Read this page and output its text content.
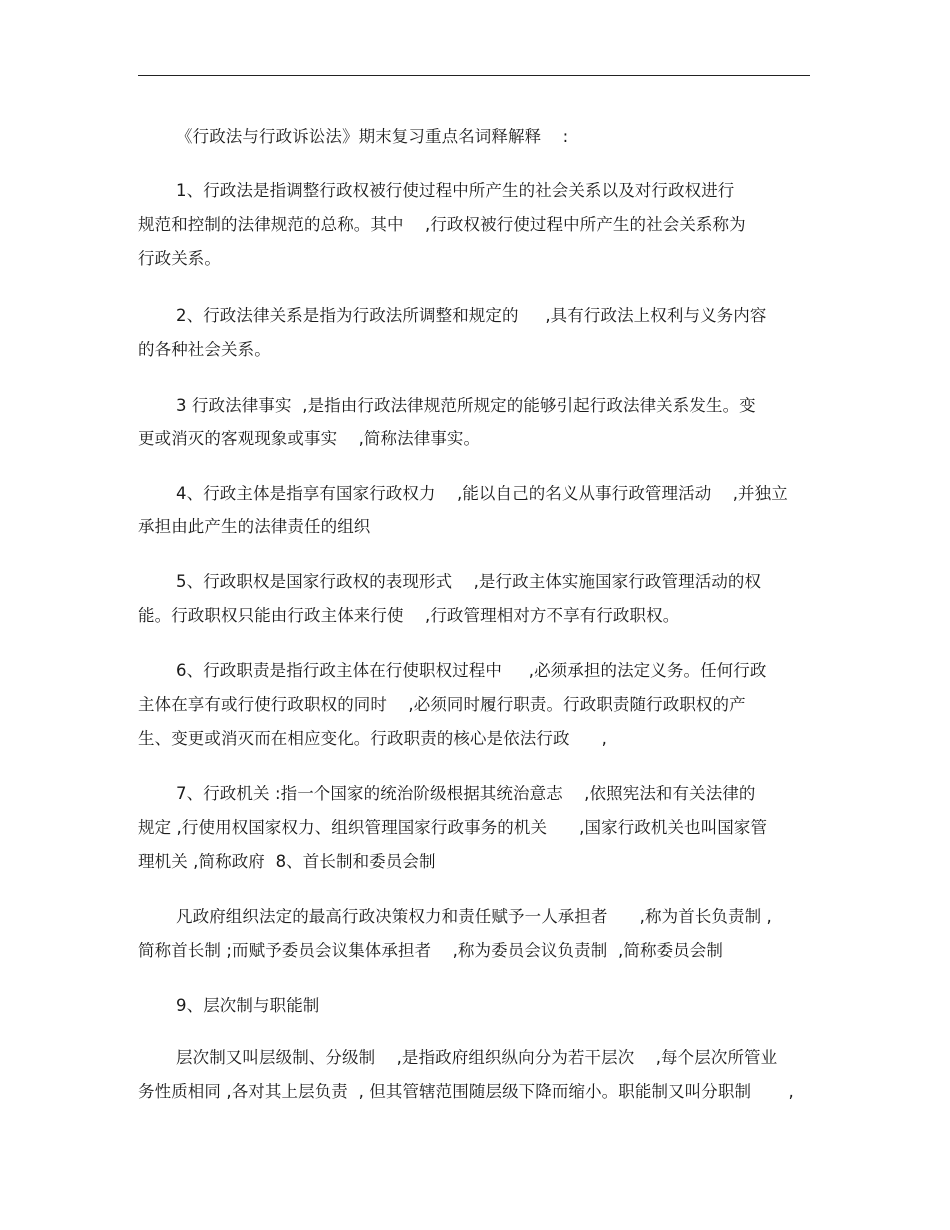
《行政法与行政诉讼法》期末复习重点名词释解释    :
1、行政法是指调整行政权被行使过程中所产生的社会关系以及对行政权进行
规范和控制的法律规范的总称。其中    ,行政权被行使过程中所产生的社会关系称为
行政关系。
2、行政法律关系是指为行政法所调整和规定的     ,具有行政法上权利与义务内容
的各种社会关系。
3 行政法律事实  ,是指由行政法律规范所规定的能够引起行政法律关系发生。变
更或消灭的客观现象或事实    ,简称法律事实。
4、行政主体是指享有国家行政权力    ,能以自己的名义从事行政管理活动    ,并独立
承担由此产生的法律责任的组织
5、行政职权是国家行政权的表现形式    ,是行政主体实施国家行政管理活动的权
能。行政职权只能由行政主体来行使    ,行政管理相对方不享有行政职权。
6、行政职责是指行政主体在行使职权过程中     ,必须承担的法定义务。任何行政
主体在享有或行使行政职权的同时    ,必须同时履行职责。行政职责随行政职权的产
生、变更或消灭而在相应变化。行政职责的核心是依法行政      ,
7、行政机关 :指一个国家的统治阶级根据其统治意志    ,依照宪法和有关法律的
规定 ,行使用权国家权力、组织管理国家行政事务的机关      ,国家行政机关也叫国家管
理机关 ,简称政府  8、首长制和委员会制
凡政府组织法定的最高行政决策权力和责任赋予一人承担者      ,称为首长负责制 ,
简称首长制 ;而赋予委员会议集体承担者    ,称为委员会议负责制  ,简称委员会制
9、层次制与职能制
层次制又叫层级制、分级制    ,是指政府组织纵向分为若干层次    ,每个层次所管业
务性质相同 ,各对其上层负责  , 但其管辖范围随层级下降而缩小。职能制又叫分职制       ,
